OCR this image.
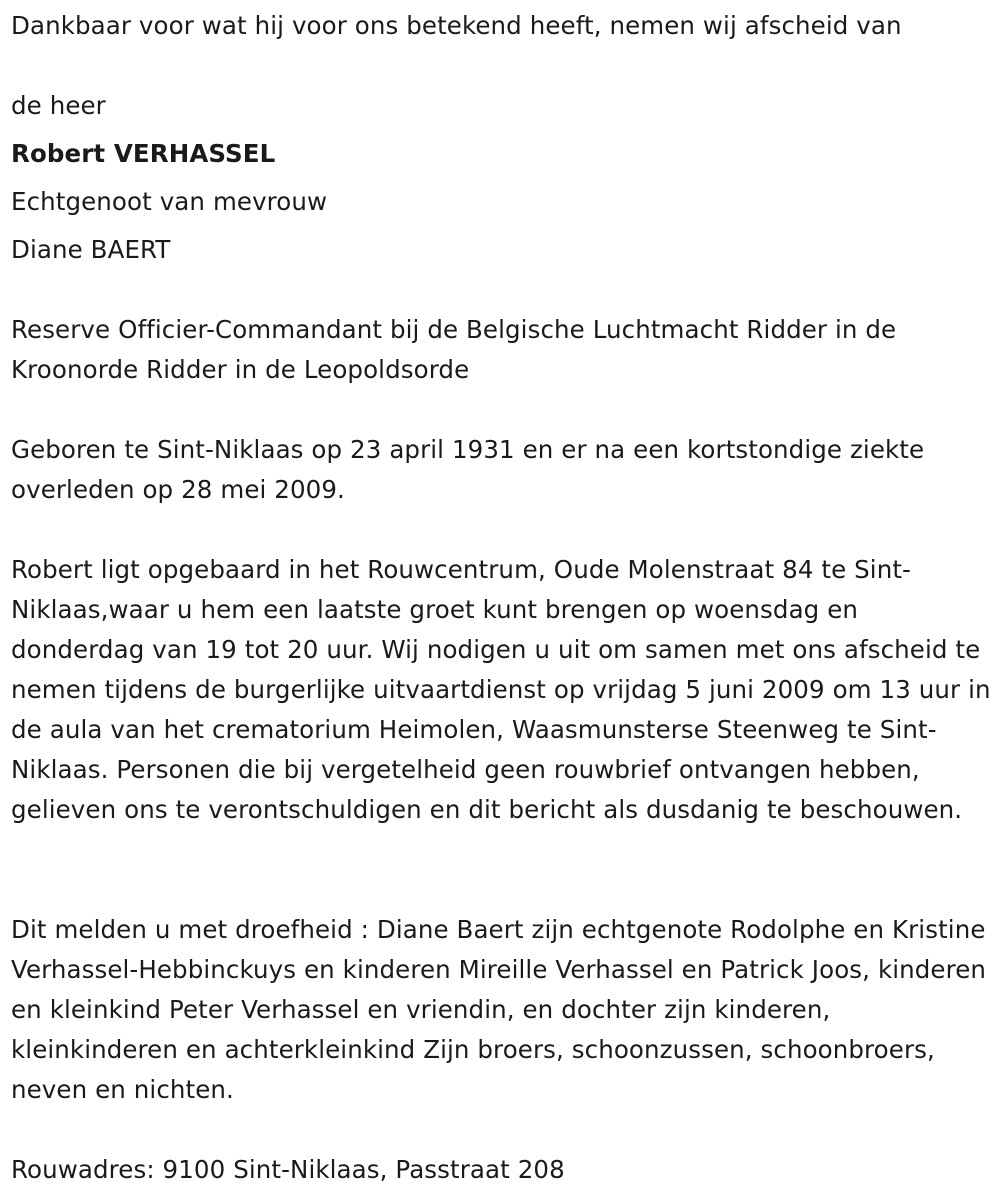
Dankbaar voor wat hij voor ons betekend heeft, nemen wij afscheid van
de heer
Robert VERHASSEL
Echtgenoot van mevrouw
Diane BAERT

Reserve Officier-Commandant bij de Belgische Luchtmacht Ridder in de Kroonorde Ridder in de Leopoldsorde

Geboren te Sint-Niklaas op 23 april 1931 en er na een kortstondige ziekte overleden op 28 mei 2009.

Robert ligt opgebaard in het Rouwcentrum, Oude Molenstraat 84 te Sint-Niklaas,waar u hem een laatste groet kunt brengen op woensdag en donderdag van 19 tot 20 uur. Wij nodigen u uit om samen met ons afscheid te nemen tijdens de burgerlijke uitvaartdienst op vrijdag 5 juni 2009 om 13 uur in de aula van het crematorium Heimolen, Waasmunsterse Steenweg te Sint-Niklaas. Personen die bij vergetelheid geen rouwbrief ontvangen hebben, gelieven ons te verontschuldigen en dit bericht als dusdanig te beschouwen.

Dit melden u met droefheid : Diane Baert zijn echtgenote Rodolphe en Kristine Verhassel-Hebbinckuys en kinderen Mireille Verhassel en Patrick Joos, kinderen en kleinkind Peter Verhassel en vriendin, en dochter zijn kinderen, kleinkinderen en achterkleinkind Zijn broers, schoonzussen, schoonbroers, neven en nichten.

Rouwadres: 9100 Sint-Niklaas, Passtraat 208
